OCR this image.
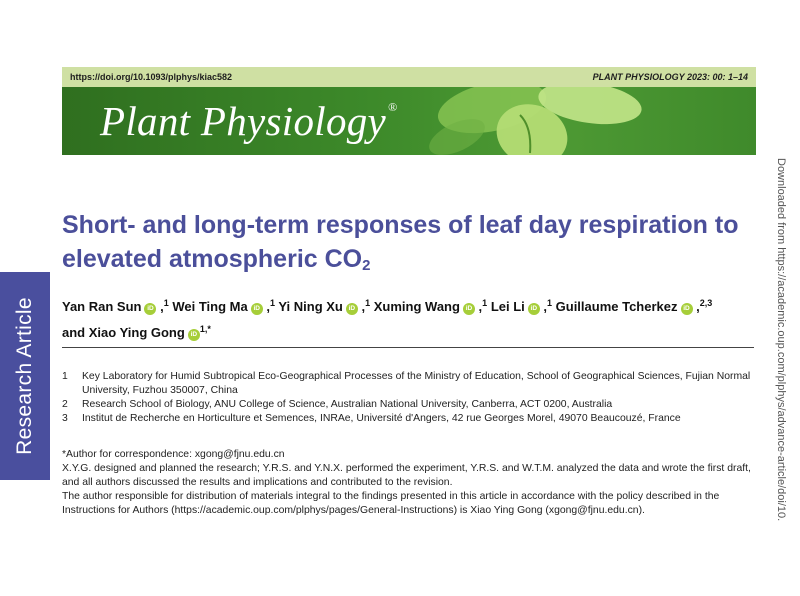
https://doi.org/10.1093/plphys/kiac582	PLANT PHYSIOLOGY 2023: 00: 1–14
Plant Physiology ®
Research Article	Downloaded from https://academic.oup.com/plphys/advance-article/doi/10.
Short- and long-term responses of leaf day respiration to elevated atmospheric $CO_2$
Yan Ran Sun iD ,$^1$ Wei Ting Ma iD ,$^1$ Yi Ning Xu iD ,$^1$ Xuming Wang iD ,$^1$ Lei Li iD ,$^1$ Guillaume Tcherkez iD ,$^{2,3}$
and Xiao Ying Gong $iD^{1,*}$
1	Key Laboratory for Humid Subtropical Eco-Geographical Processes of the Ministry of Education, School of Geographical Sciences, Fujian Normal University, Fuzhou 350007, China
2	Research School of Biology, ANU College of Science, Australian National University, Canberra, ACT 0200, Australia
3	Institut de Recherche en Horticulture et Semences, INRAe, Université d'Angers, 42 rue Georges Morel, 49070 Beaucouzé, France
*Author for correspondence: xgong@fjnu.edu.cn
X.Y.G. designed and planned the research; Y.R.S. and Y.N.X. performed the experiment, Y.R.S. and W.T.M. analyzed the data and wrote the first draft, and all authors discussed the results and implications and contributed to the revision.
The author responsible for distribution of materials integral to the findings presented in this article in accordance with the policy described in the Instructions for Authors (https://academic.oup.com/plphys/pages/General-Instructions) is Xiao Ying Gong (xgong@fjnu.edu.cn).
